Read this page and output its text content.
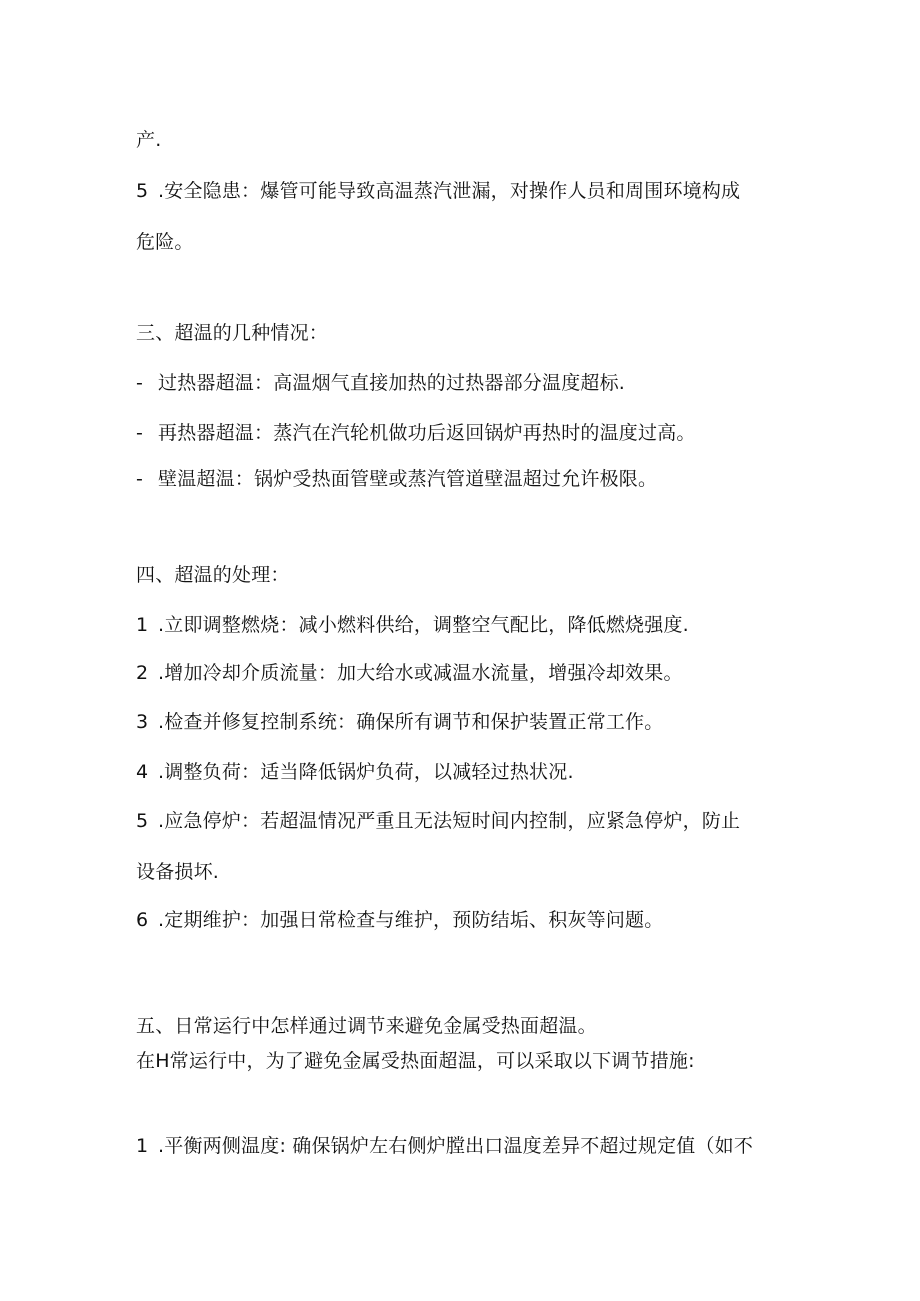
产.
5 .安全隐患：爆管可能导致高温蒸汽泄漏，对操作人员和周围环境构成
危险。
三、超温的几种情况：
- 过热器超温：高温烟气直接加热的过热器部分温度超标.
- 再热器超温：蒸汽在汽轮机做功后返回锅炉再热时的温度过高。
- 壁温超温：锅炉受热面管壁或蒸汽管道壁温超过允许极限。
四、超温的处理：
1 .立即调整燃烧：减小燃料供给，调整空气配比，降低燃烧强度.
2 .增加冷却介质流量：加大给水或减温水流量，增强冷却效果。
3 .检查并修复控制系统：确保所有调节和保护装置正常工作。
4 .调整负荷：适当降低锅炉负荷，以减轻过热状况.
5 .应急停炉：若超温情况严重且无法短时间内控制，应紧急停炉，防止
设备损坏.
6 .定期维护：加强日常检查与维护，预防结垢、积灰等问题。
五、日常运行中怎样通过调节来避免金属受热面超温。
在H常运行中，为了避免金属受热面超温，可以采取以下调节措施:
1 .平衡两侧温度: 确保锅炉左右侧炉膛出口温度差异不超过规定值（如不
